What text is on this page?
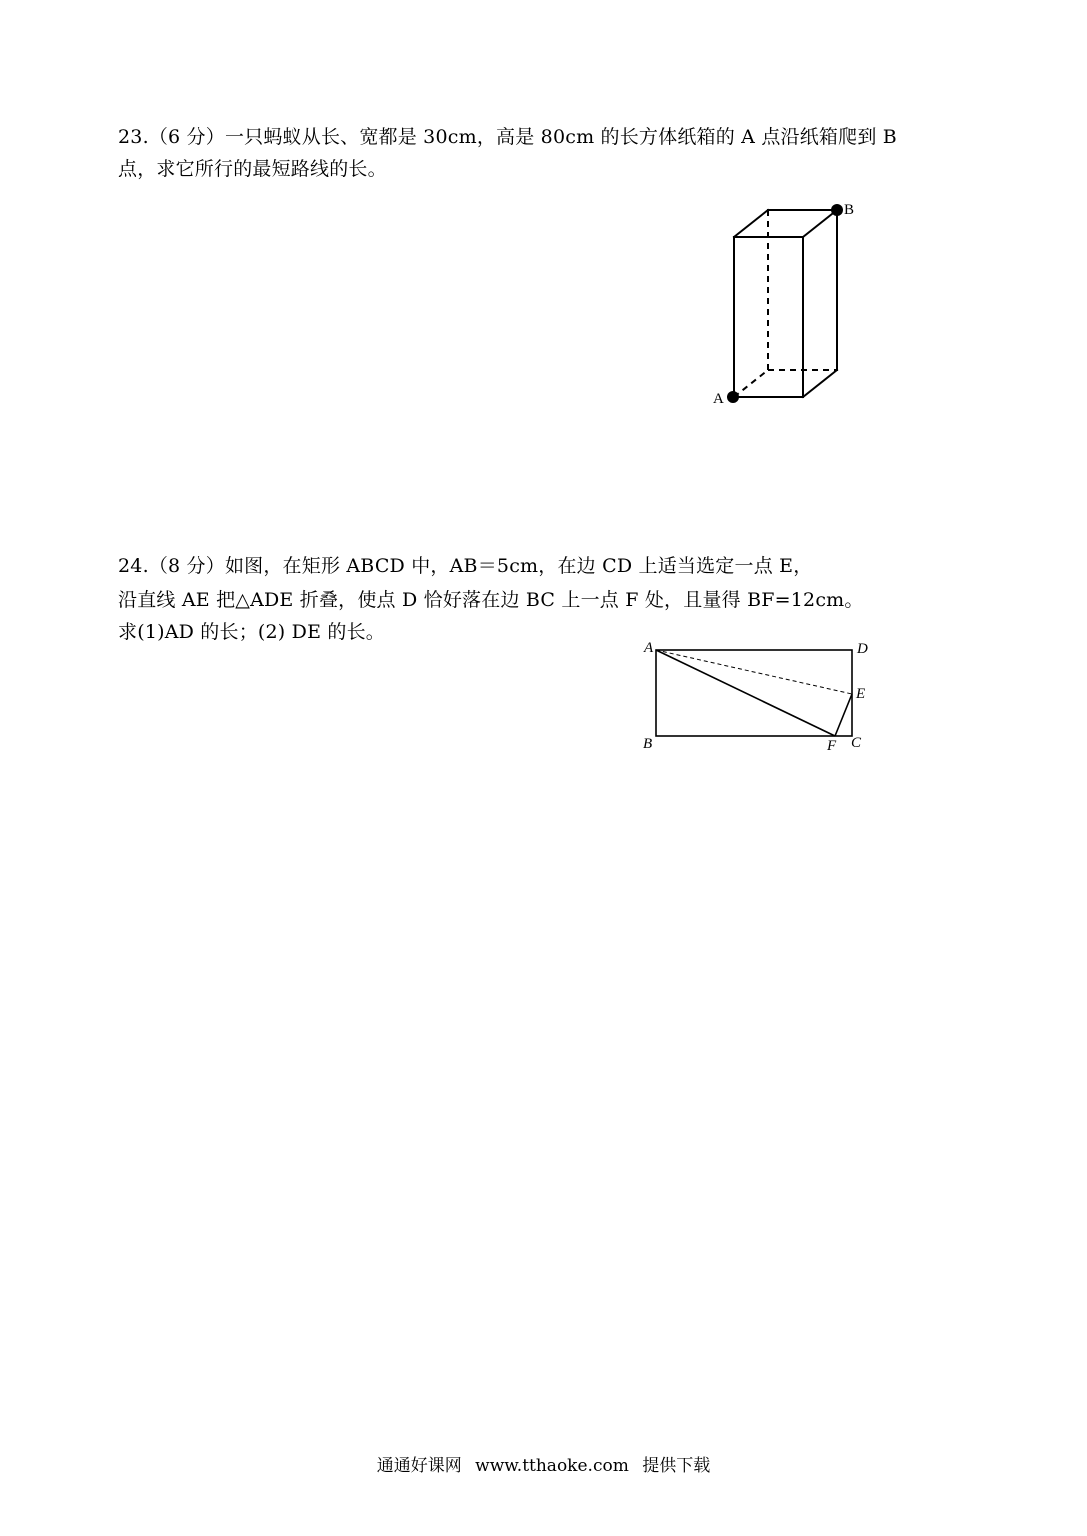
23.（6 分）一只蚂蚁从长、宽都是 30cm，高是 80cm 的长方体纸箱的 A 点沿纸箱爬到 B
点，求它所行的最短路线的长。
B
A
24.（8 分）如图，在矩形 ABCD 中，AB＝5cm，在边 CD 上适当选定一点 E，
沿直线 AE 把△ADE 折叠，使点 D 恰好落在边 BC 上一点 F 处，且量得 BF=12cm。
求(1)AD 的长；(2) DE 的长。
A	D
E
B	F C
通通好课网 www.tthaoke.com 提供下载
